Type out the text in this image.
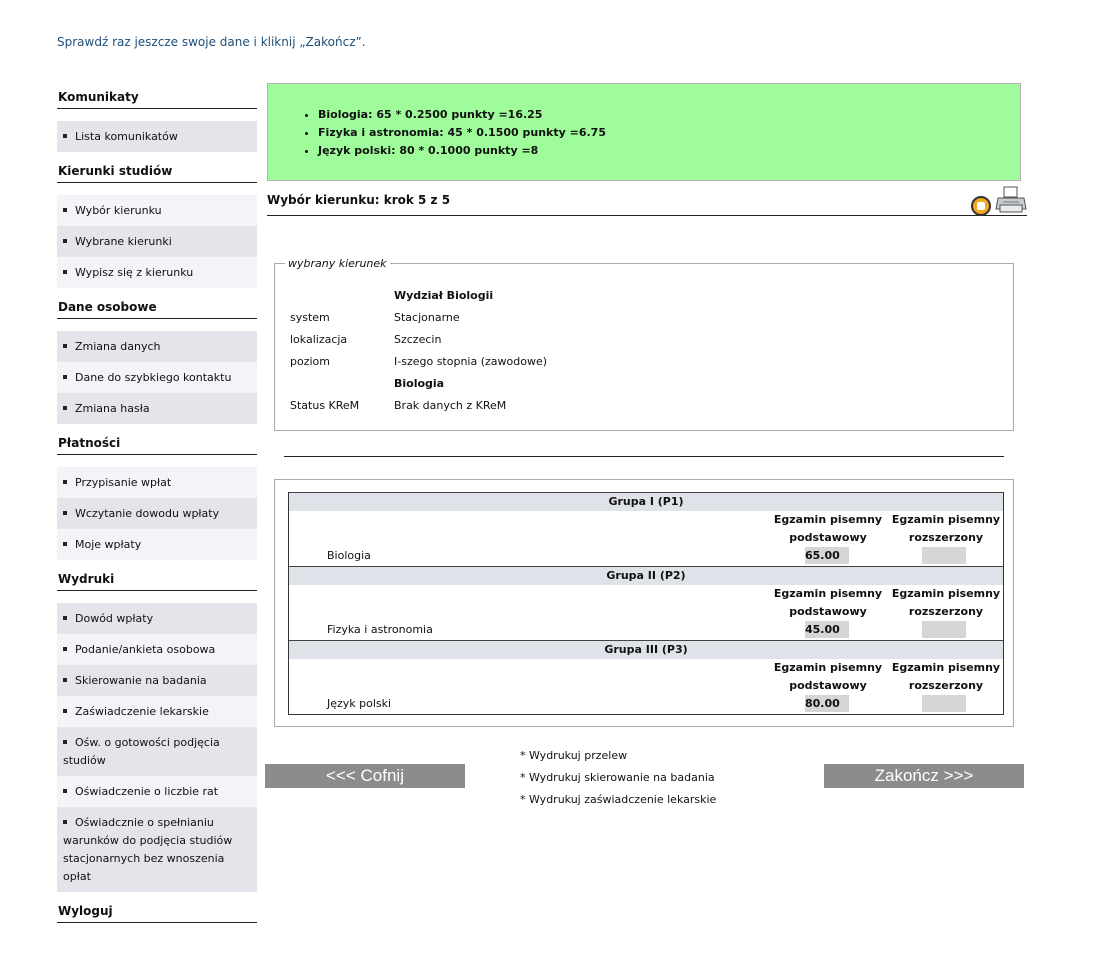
Sprawdź raz jeszcze swoje dane i kliknij „Zakończ”.
Komunikaty
Lista komunikatów
Kierunki studiów
Wybór kierunku
Wybrane kierunki
Wypisz się z kierunku
Dane osobowe
Zmiana danych
Dane do szybkiego kontaktu
Zmiana hasła
Płatności
Przypisanie wpłat
Wczytanie dowodu wpłaty
Moje wpłaty
Wydruki
Dowód wpłaty
Podanie/ankieta osobowa
Skierowanie na badania
Zaświadczenie lekarskie
Ośw. o gotowości podjęcia studiów
Oświadczenie o liczbie rat
Oświadcznie o spełnianiu warunków do podjęcia studiów stacjonarnych bez wnoszenia opłat
Wyloguj
• Biologia: 65 * 0.2500 punkty =16.25
• Fizyka i astronomia: 45 * 0.1500 punkty =6.75
• Język polski: 80 * 0.1000 punkty =8
Wybór kierunku: krok 5 z 5
wybrany kierunek
Wydział Biologii
system	Stacjonarne
lokalizacja	Szczecin
poziom	I-szego stopnia (zawodowe)
Biologia
Status KReM	Brak danych z KReM
Grupa I (P1)
Egzamin pisemny
podstawowy
Egzamin pisemny
rozszerzony
Biologia	65.00
Grupa II (P2)
Egzamin pisemny
podstawowy
Egzamin pisemny
rozszerzony
Fizyka i astronomia	45.00
Grupa III (P3)
Egzamin pisemny
podstawowy
Egzamin pisemny
rozszerzony
Język polski	80.00
<<< Cofnij	Zakończ >>>
* Wydrukuj przelew
* Wydrukuj skierowanie na badania
* Wydrukuj zaświadczenie lekarskie
